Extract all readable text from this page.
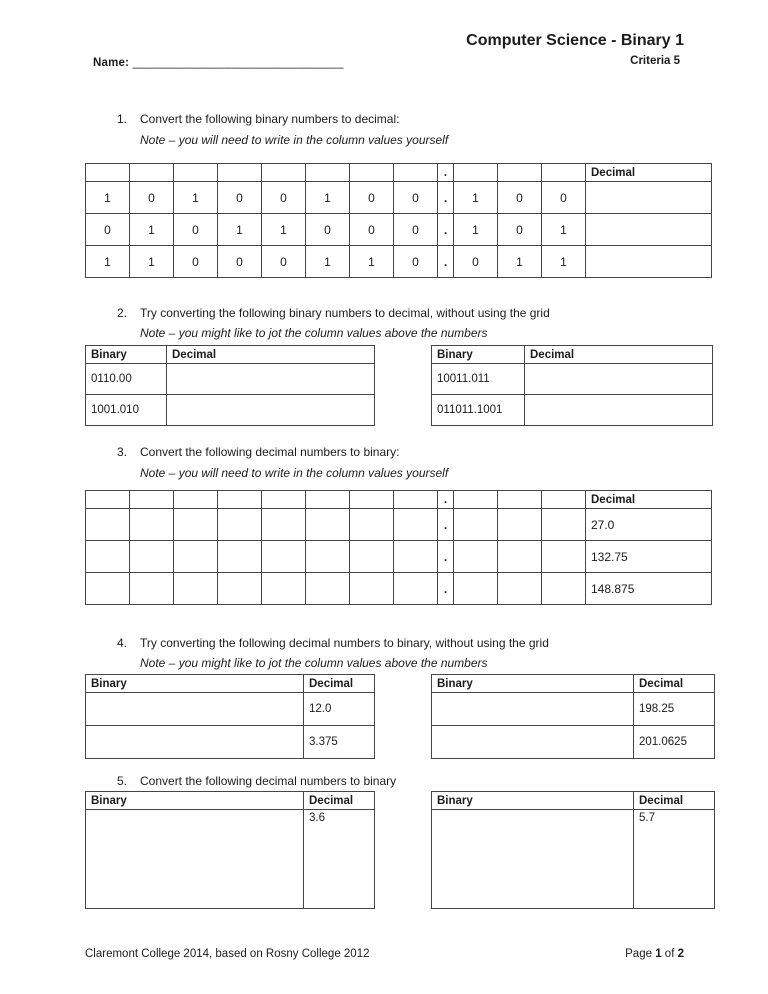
Computer Science - Binary 1
Criteria 5
Name: ________________________________
1. Convert the following binary numbers to decimal:
Note – you will need to write in the column values yourself
								.				Decimal
1	0	1	0	0	1	0	0	.	1	0	0	
0	1	0	1	1	0	0	0	.	1	0	1	
1	1	0	0	0	1	1	0	.	0	1	1	
2. Try converting the following binary numbers to decimal, without using the grid
Note – you might like to jot the column values above the numbers
Binary	Decimal
0110.00	
1001.010	
Binary	Decimal
10011.011	
011011.1001	
3. Convert the following decimal numbers to binary:
Note – you will need to write in the column values yourself
								.				Decimal
								.				27.0
								.				132.75
								.				148.875
4. Try converting the following decimal numbers to binary, without using the grid
Note – you might like to jot the column values above the numbers
Binary	Decimal
	12.0
	3.375
Binary	Decimal
	198.25
	201.0625
5. Convert the following decimal numbers to binary
Binary	Decimal
	3.6
Binary	Decimal
	5.7
Claremont College 2014, based on Rosny College 2012	Page 1 of 2
